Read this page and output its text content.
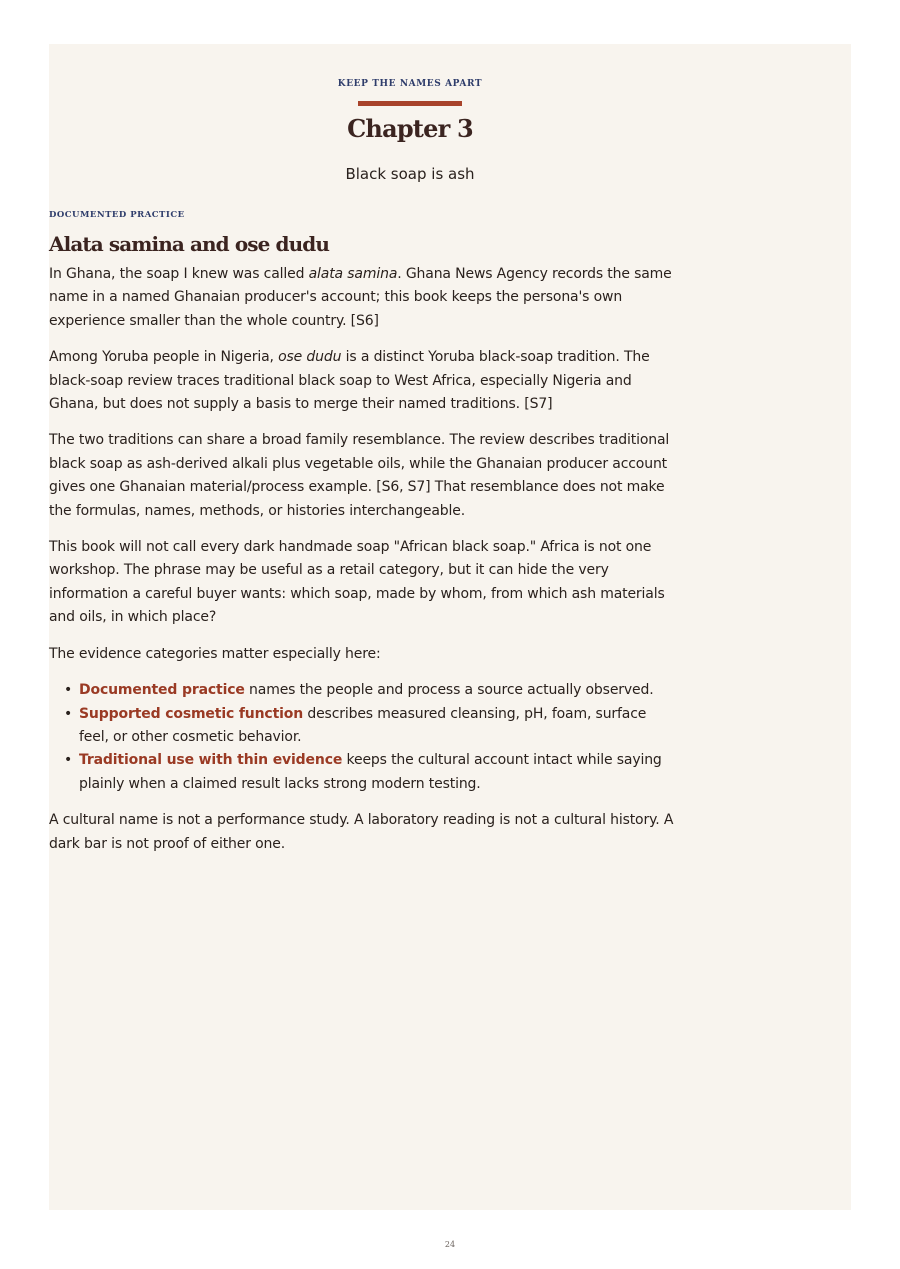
KEEP THE NAMES APART
Chapter 3
Black soap is ash
DOCUMENTED PRACTICE
Alata samina and ose dudu

In Ghana, the soap I knew was called alata samina. Ghana News Agency records the same name in a named Ghanaian producer's account; this book keeps the persona's own experience smaller than the whole country. [S6]

Among Yoruba people in Nigeria, ose dudu is a distinct Yoruba black-soap tradition. The black-soap review traces traditional black soap to West Africa, especially Nigeria and Ghana, but does not supply a basis to merge their named traditions. [S7]

The two traditions can share a broad family resemblance. The review describes traditional black soap as ash-derived alkali plus vegetable oils, while the Ghanaian producer account gives one Ghanaian material/process example. [S6, S7] That resemblance does not make the formulas, names, methods, or histories interchangeable.

This book will not call every dark handmade soap "African black soap." Africa is not one workshop. The phrase may be useful as a retail category, but it can hide the very information a careful buyer wants: which soap, made by whom, from which ash materials and oils, in which place?

The evidence categories matter especially here:

• Documented practice names the people and process a source actually observed.
• Supported cosmetic function describes measured cleansing, pH, foam, surface feel, or other cosmetic behavior.
• Traditional use with thin evidence keeps the cultural account intact while saying plainly when a claimed result lacks strong modern testing.

A cultural name is not a performance study. A laboratory reading is not a cultural history. A dark bar is not proof of either one.

24
